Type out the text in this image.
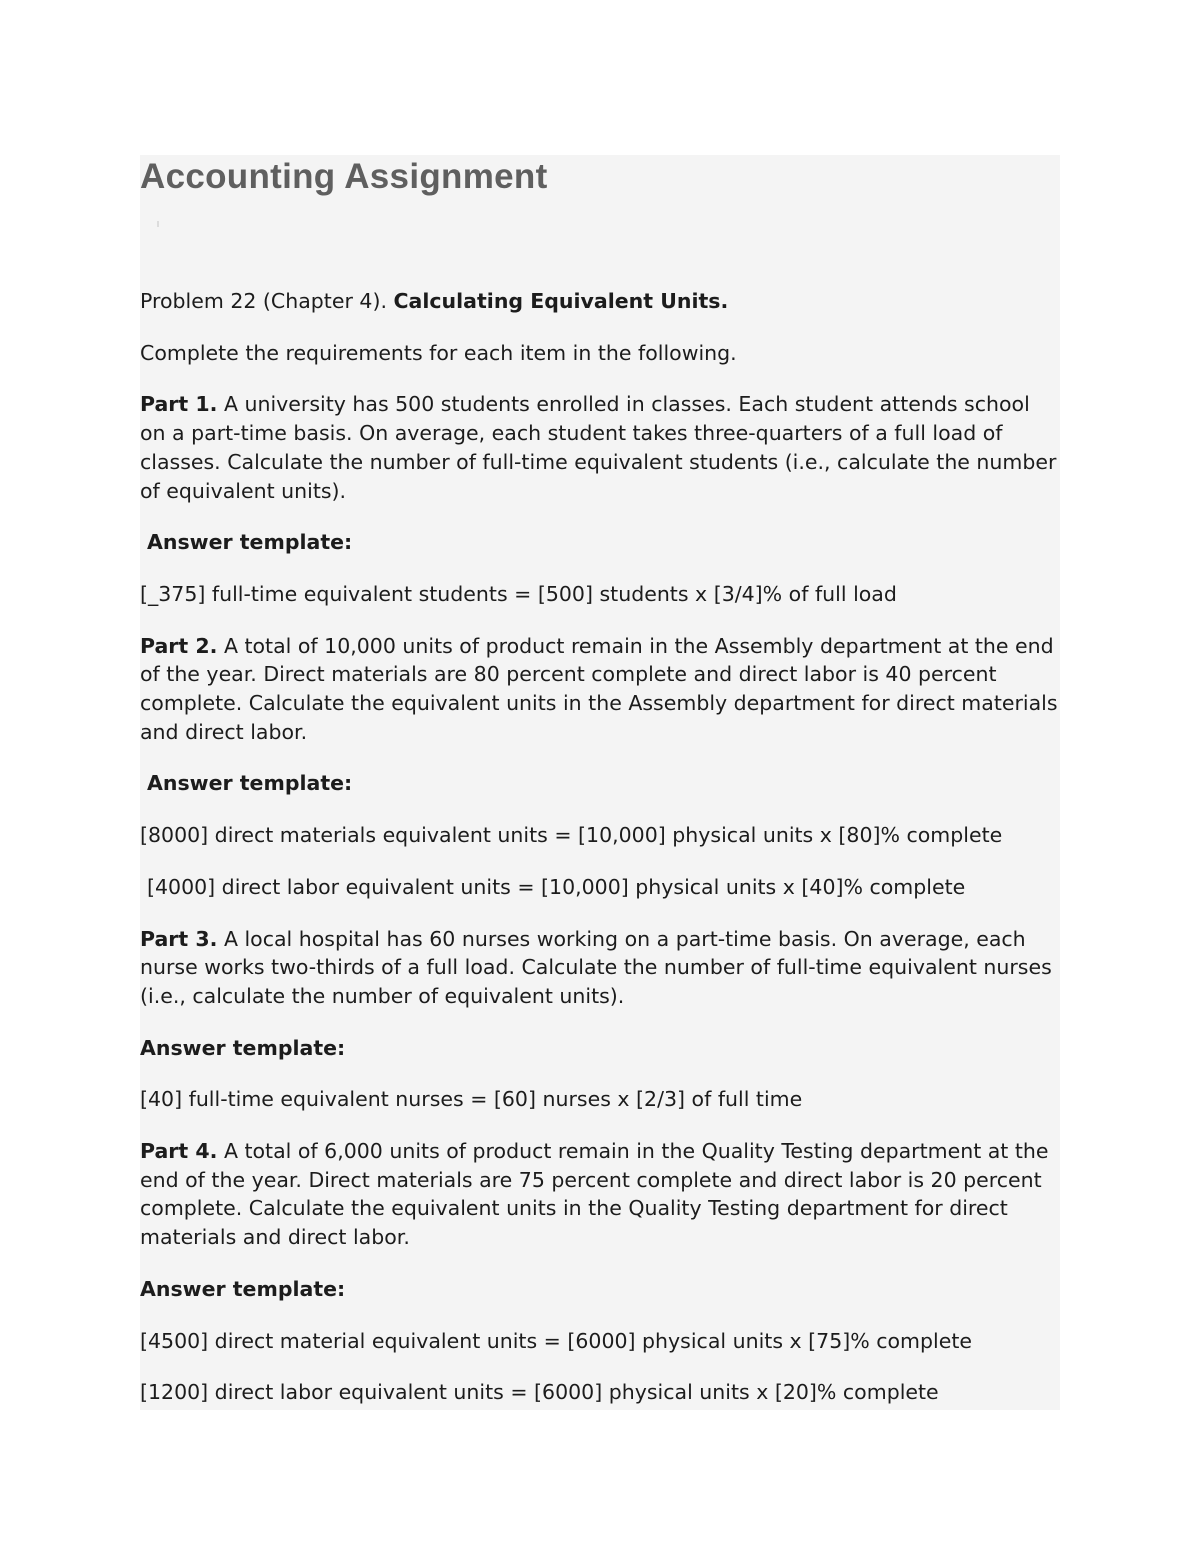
Accounting Assignment

Problem 22 (Chapter 4). Calculating Equivalent Units.

Complete the requirements for each item in the following.

Part 1. A university has 500 students enrolled in classes. Each student attends school on a part-time basis. On average, each student takes three-quarters of a full load of classes. Calculate the number of full-time equivalent students (i.e., calculate the number of equivalent units).

Answer template:

[_375] full-time equivalent students = [500] students x [3/4]% of full load

Part 2. A total of 10,000 units of product remain in the Assembly department at the end of the year. Direct materials are 80 percent complete and direct labor is 40 percent complete. Calculate the equivalent units in the Assembly department for direct materials and direct labor.

Answer template:

[8000] direct materials equivalent units = [10,000] physical units x [80]% complete

[4000] direct labor equivalent units = [10,000] physical units x [40]% complete

Part 3. A local hospital has 60 nurses working on a part-time basis. On average, each nurse works two-thirds of a full load. Calculate the number of full-time equivalent nurses (i.e., calculate the number of equivalent units).

Answer template:

[40] full-time equivalent nurses = [60] nurses x [2/3] of full time

Part 4. A total of 6,000 units of product remain in the Quality Testing department at the end of the year. Direct materials are 75 percent complete and direct labor is 20 percent complete. Calculate the equivalent units in the Quality Testing department for direct materials and direct labor.

Answer template:

[4500] direct material equivalent units = [6000] physical units x [75]% complete

[1200] direct labor equivalent units = [6000] physical units x [20]% complete
